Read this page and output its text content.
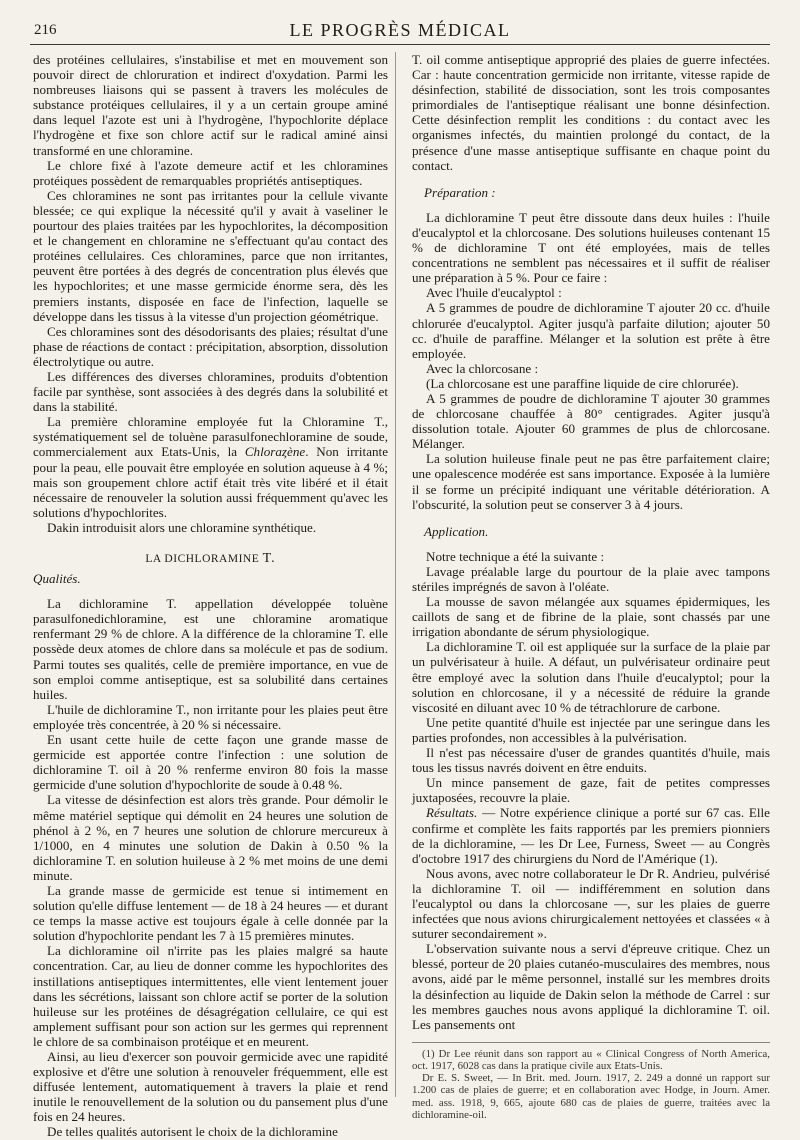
216	LE PROGRÈS MÉDICAL

des protéines cellulaires, s'instabilise et met en mouvement son pouvoir direct de chloruration et indirect d'oxydation. Parmi les nombreuses liaisons qui se passent à travers les molécules de substance protéiques cellulaires, il y a un certain groupe aminé dans lequel l'azote est uni à l'hydrogène, l'hypochlorite déplace l'hydrogène et fixe son chlore actif sur le radical aminé ainsi transformé en une chloramine.

Le chlore fixé à l'azote demeure actif et les chloramines protéiques possèdent de remarquables propriétés antiseptiques.

Ces chloramines ne sont pas irritantes pour la cellule vivante blessée; ce qui explique la nécessité qu'il y avait à vaseliner le pourtour des plaies traitées par les hypochlorites, la décomposition et le changement en chloramine ne s'effectuant qu'au contact des protéines cellulaires. Ces chloramines, parce que non irritantes, peuvent être portées à des degrés de concentration plus élevés que les hypochlorites; et une masse germicide énorme sera, dès les premiers instants, disposée en face de l'infection, laquelle se développe dans les tissus à la vitesse d'un projection géométrique.

Ces chloramines sont des désodorisants des plaies; résultat d'une phase de réactions de contact : précipitation, absorption, dissolution électrolytique ou autre.

Les différences des diverses chloramines, produits d'obtention facile par synthèse, sont associées à des degrés dans la solubilité et dans la stabilité.

La première chloramine employée fut la Chloramine T., systématiquement sel de toluène parasulfonechloramine de soude, commercialement aux Etats-Unis, la Chloraȥène. Non irritante pour la peau, elle pouvait être employée en solution aqueuse à 4 %; mais son groupement chlore actif était très vite libéré et il était nécessaire de renouveler la solution aussi fréquemment qu'avec les solutions d'hypochlorites.

Dakin introduisit alors une chloramine synthétique.

LA DICHLORAMINE T.

Qualités.

La dichloramine T. appellation développée toluène parasulfonedichloramine, est une chloramine aromatique renfermant 29 % de chlore. A la différence de la chloramine T. elle possède deux atomes de chlore dans sa molécule et pas de sodium. Parmi toutes ses qualités, celle de première importance, en vue de son emploi comme antiseptique, est sa solubilité dans certaines huiles.

L'huile de dichloramine T., non irritante pour les plaies peut être employée très concentrée, à 20 % si nécessaire.

En usant cette huile de cette façon une grande masse de germicide est apportée contre l'infection : une solution de dichloramine T. oil à 20 % renferme environ 80 fois la masse germicide d'une solution d'hypochlorite de soude à 0.48 %.

La vitesse de désinfection est alors très grande. Pour démolir le même matériel septique qui démolit en 24 heures une solution de phénol à 2 %, en 7 heures une solution de chlorure mercureux à 1/1000, en 4 minutes une solution de Dakin à 0.50 % la dichloramine T. en solution huileuse à 2 % met moins de une demi minute.

La grande masse de germicide est tenue si intimement en solution qu'elle diffuse lentement — de 18 à 24 heures — et durant ce temps la masse active est toujours égale à celle donnée par la solution d'hypochlorite pendant les 7 à 15 premières minutes.

La dichloramine oil n'irrite pas les plaies malgré sa haute concentration. Car, au lieu de donner comme les hypochlorites des instillations antiseptiques intermittentes, elle vient lentement jouer dans les sécrétions, laissant son chlore actif se porter de la solution huileuse sur les protéines de désagrégation cellulaire, ce qui est amplement suffisant pour son action sur les germes qui reprennent le chlore de sa combinaison protéique et en meurent.

Ainsi, au lieu d'exercer son pouvoir germicide avec une rapidité explosive et d'être une solution à renouveler fréquemment, elle est diffusée lentement, automatiquement à travers la plaie et rend inutile le renouvellement de la solution ou du pansement plus d'une fois en 24 heures.

De telles qualités autorisent le choix de la dichloramine

T. oil comme antiseptique approprié des plaies de guerre infectées. Car : haute concentration germicide non irritante, vitesse rapide de désinfection, stabilité de dissociation, sont les trois composantes primordiales de l'antiseptique réalisant une bonne désinfection. Cette désinfection remplit les conditions : du contact avec les organismes infectés, du maintien prolongé du contact, de la présence d'une masse antiseptique suffisante en chaque point du contact.

Préparation :

La dichloramine T peut être dissoute dans deux huiles : l'huile d'eucalyptol et la chlorcosane. Des solutions huileuses contenant 15 % de dichloramine T ont été employées, mais de telles concentrations ne semblent pas nécessaires et il suffit de réaliser une préparation à 5 %. Pour ce faire :

Avec l'huile d'eucalyptol :

A 5 grammes de poudre de dichloramine T ajouter 20 cc. d'huile chlorurée d'eucalyptol. Agiter jusqu'à parfaite dilution; ajouter 50 cc. d'huile de paraffine. Mélanger et la solution est prête à être employée.

Avec la chlorcosane :

(La chlorcosane est une paraffine liquide de cire chlorurée).

A 5 grammes de poudre de dichloramine T ajouter 30 grammes de chlorcosane chauffée à 80° centigrades. Agiter jusqu'à dissolution totale. Ajouter 60 grammes de plus de chlorcosane. Mélanger.

La solution huileuse finale peut ne pas être parfaitement claire; une opalescence modérée est sans importance. Exposée à la lumière il se forme un précipité indiquant une véritable détérioration. A l'obscurité, la solution peut se conserver 3 à 4 jours.

Application.

Notre technique a été la suivante :

Lavage préalable large du pourtour de la plaie avec tampons stériles imprégnés de savon à l'oléate.

La mousse de savon mélangée aux squames épidermiques, les caillots de sang et de fibrine de la plaie, sont chassés par une irrigation abondante de sérum physiologique.

La dichloramine T. oil est appliquée sur la surface de la plaie par un pulvérisateur à huile. A défaut, un pulvérisateur ordinaire peut être employé avec la solution dans l'huile d'eucalyptol; pour la solution en chlorcosane, il y a nécessité de réduire la grande viscosité en diluant avec 10 % de tétrachlorure de carbone.

Une petite quantité d'huile est injectée par une seringue dans les parties profondes, non accessibles à la pulvérisation.

Il n'est pas nécessaire d'user de grandes quantités d'huile, mais tous les tissus navrés doivent en être enduits.

Un mince pansement de gaze, fait de petites compresses juxtaposées, recouvre la plaie.

Résultats. — Notre expérience clinique a porté sur 67 cas. Elle confirme et complète les faits rapportés par les premiers pionniers de la dichloramine, — les Dr Lee, Furness, Sweet — au Congrès d'octobre 1917 des chirurgiens du Nord de l'Amérique (1).

Nous avons, avec notre collaborateur le Dr R. Andrieu, pulvérisé la dichloramine T. oil — indifféremment en solution dans l'eucalyptol ou dans la chlorcosane —, sur les plaies de guerre infectées que nous avions chirurgicalement nettoyées et classées « à suturer secondairement ».

L'observation suivante nous a servi d'épreuve critique. Chez un blessé, porteur de 20 plaies cutanéo-musculaires des membres, nous avons, aidé par le même personnel, installé sur les membres droits la désinfection au liquide de Dakin selon la méthode de Carrel : sur les membres gauches nous avons appliqué la dichloramine T. oil. Les pansements ont

(1) Dr Lee réunit dans son rapport au « Clinical Congress of North America, oct. 1917, 6028 cas dans la pratique civile aux Etats-Unis.

Dr E. S. Sweet, — In Brit. med. Journ. 1917, 2. 249 a donné un rapport sur 1.200 cas de plaies de guerre; et en collaboration avec Hodge, in Journ. Amer. med. ass. 1918, 9, 665, ajoute 680 cas de plaies de guerre, traitées avec la dichloramine-oil.
